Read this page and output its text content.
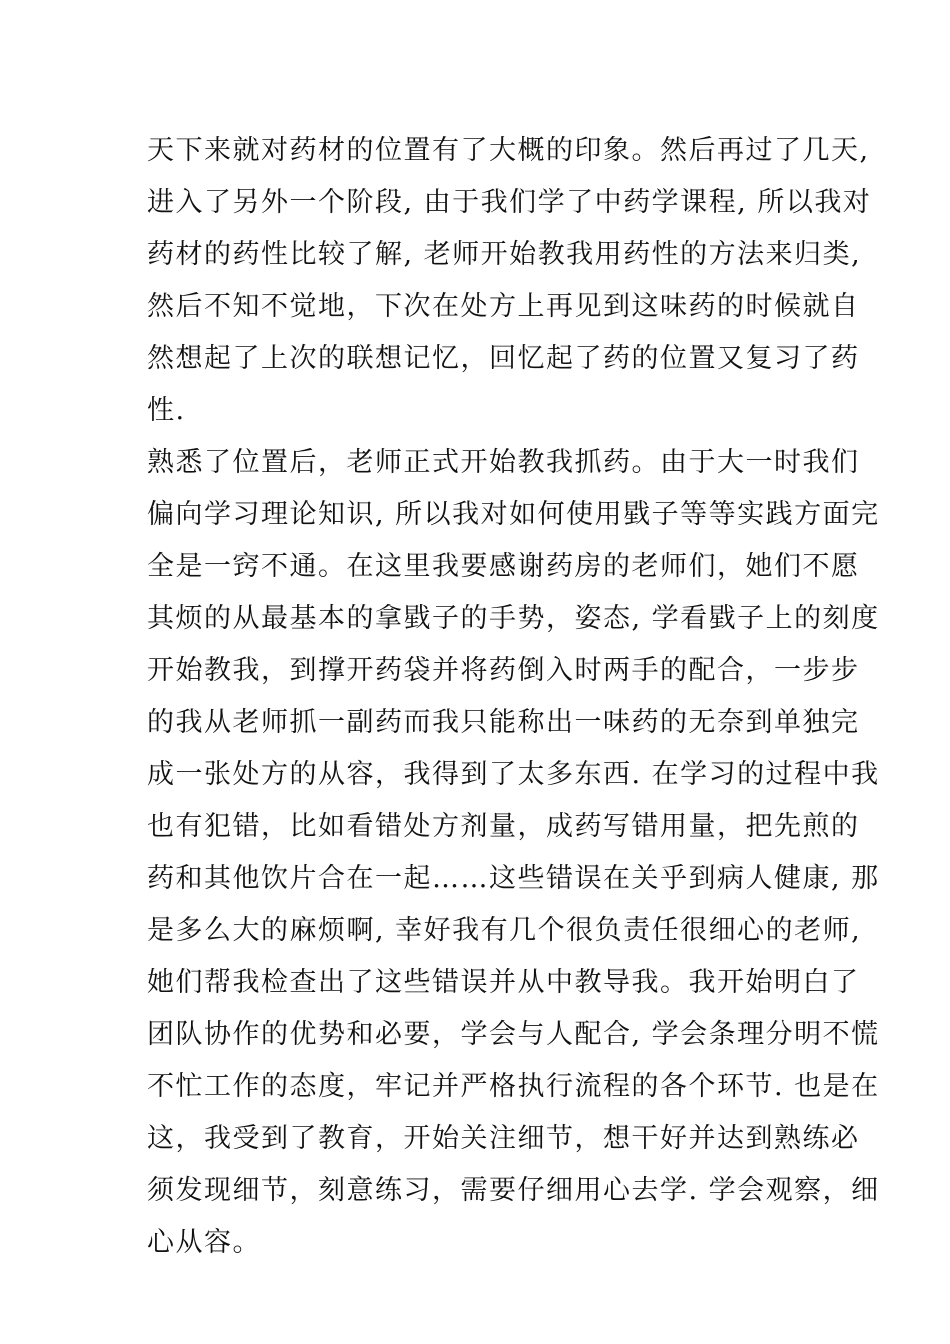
天下来就对药材的位置有了大概的印象。然后再过了几天,
进入了另外一个阶段, 由于我们学了中药学课程, 所以我对
药材的药性比较了解, 老师开始教我用药性的方法来归类,
然后不知不觉地，下次在处方上再见到这味药的时候就自
然想起了上次的联想记忆，回忆起了药的位置又复习了药
性.
熟悉了位置后，老师正式开始教我抓药。由于大一时我们
偏向学习理论知识, 所以我对如何使用戥子等等实践方面完
全是一窍不通。在这里我要感谢药房的老师们，她们不愿
其烦的从最基本的拿戥子的手势，姿态, 学看戥子上的刻度
开始教我，到撑开药袋并将药倒入时两手的配合，一步步
的我从老师抓一副药而我只能称出一味药的无奈到单独完
成一张处方的从容，我得到了太多东西. 在学习的过程中我
也有犯错，比如看错处方剂量，成药写错用量，把先煎的
药和其他饮片合在一起……这些错误在关乎到病人健康, 那
是多么大的麻烦啊, 幸好我有几个很负责任很细心的老师,
她们帮我检查出了这些错误并从中教导我。我开始明白了
团队协作的优势和必要，学会与人配合, 学会条理分明不慌
不忙工作的态度，牢记并严格执行流程的各个环节. 也是在
这，我受到了教育，开始关注细节，想干好并达到熟练必
须发现细节，刻意练习，需要仔细用心去学. 学会观察，细
心从容。
